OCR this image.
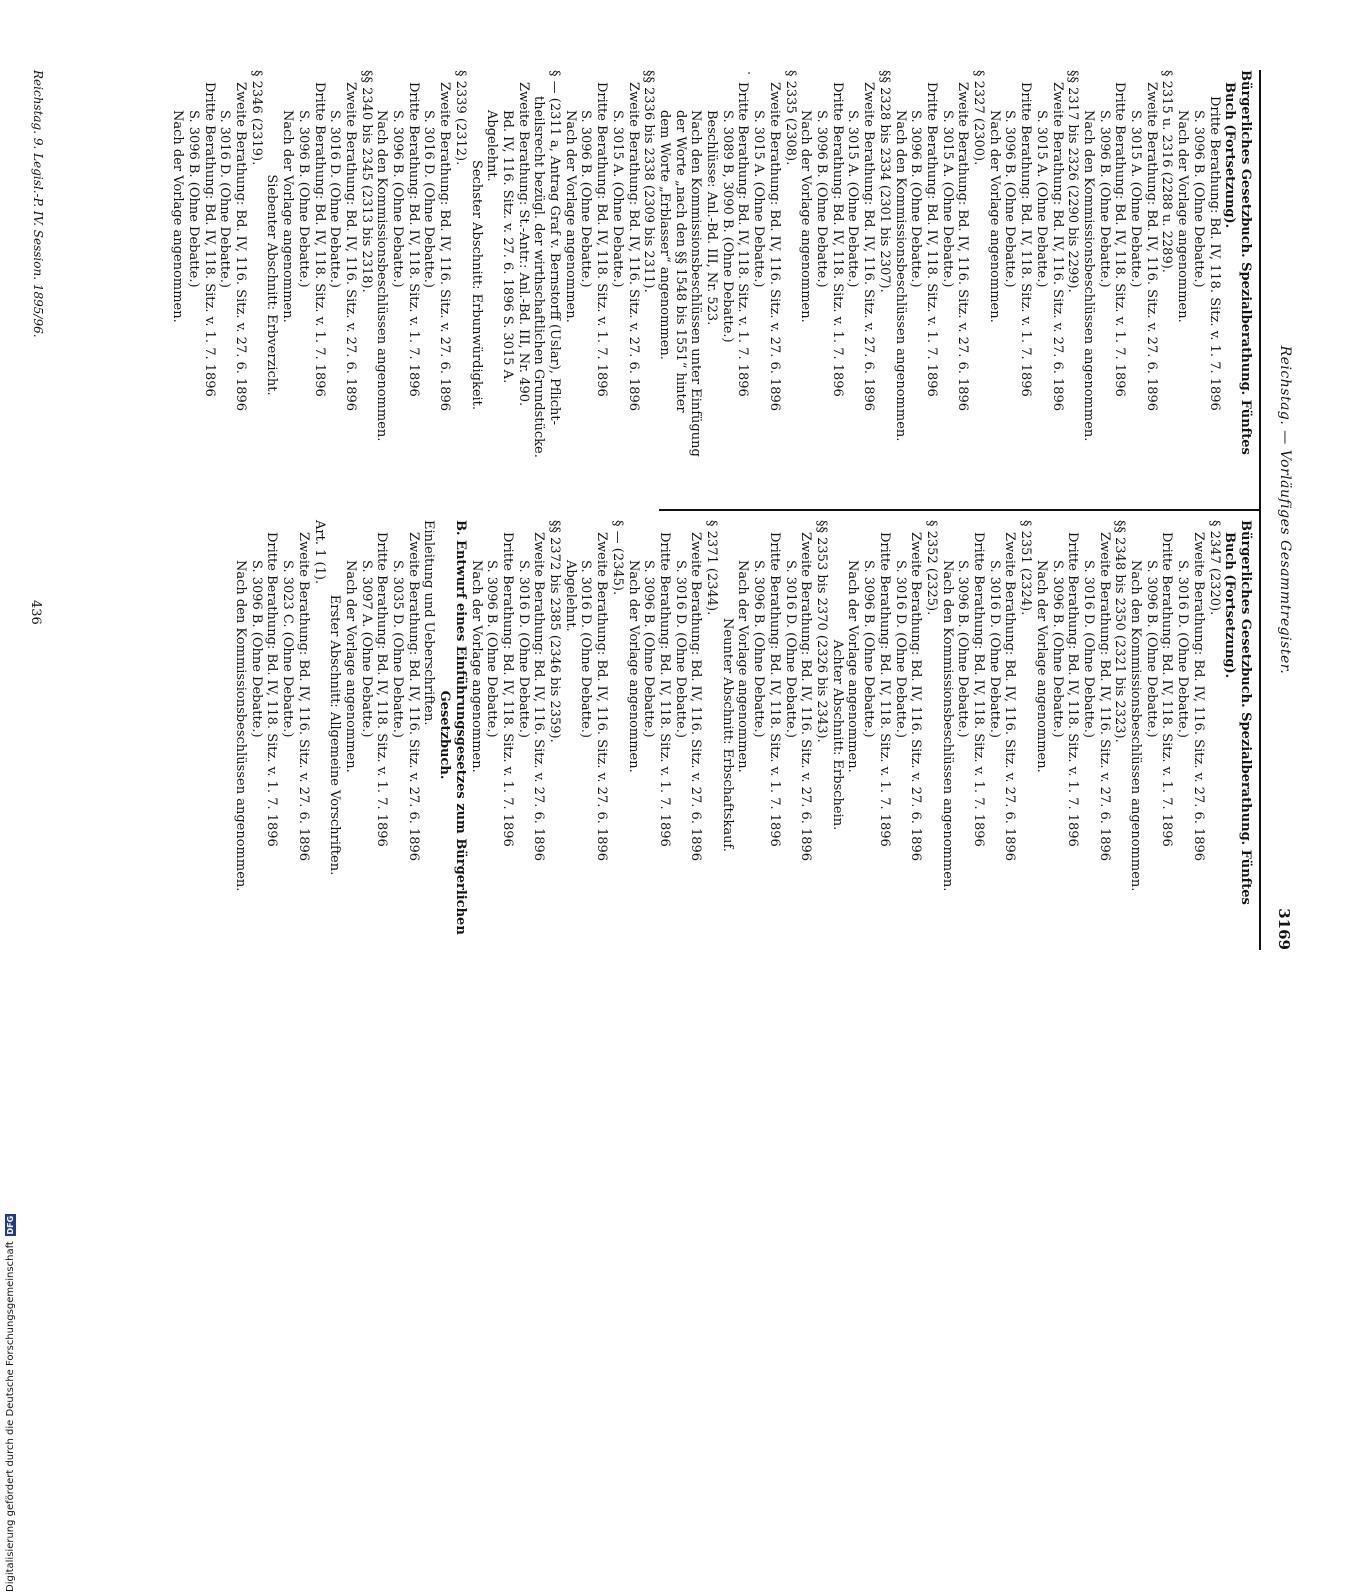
Reichstag. — Vorläufiges Gesammtregister.
3169
Bürgerliches Gesetzbuch. Spezialberathung. Fünftes
Buch (Fortsetzung).
Dritte Berathung: Bd. IV, 118. Sitz. v. 1. 7. 1896
S. 3096 B. (Ohne Debatte.)
Nach der Vorlage angenommen.
§ 2315 u. 2316 (2288 u. 2289).
Zweite Berathung: Bd. IV, 116. Sitz. v. 27. 6. 1896
S. 3015 A. (Ohne Debatte.)
Dritte Berathung: Bd. IV, 118. Sitz. v. 1. 7. 1896
S. 3096 B. (Ohne Debatte.)
Nach den Kommissionsbeschlüssen angenommen.
§§ 2317 bis 2326 (2290 bis 2299).
Zweite Berathung: Bd. IV, 116. Sitz. v. 27. 6. 1896
S. 3015 A. (Ohne Debatte.)
Dritte Berathung: Bd. IV, 118. Sitz. v. 1. 7. 1896
S. 3096 B. (Ohne Debatte.)
Nach der Vorlage angenommen.
§ 2327 (2300).
Zweite Berathung: Bd. IV, 116. Sitz. v. 27. 6. 1896
S. 3015 A. (Ohne Debatte.)
Dritte Berathung: Bd. IV, 118. Sitz. v. 1. 7. 1896
S. 3096 B. (Ohne Debatte.)
Nach den Kommissionsbeschlüssen angenommen.
§§ 2328 bis 2334 (2301 bis 2307).
Zweite Berathung: Bd. IV, 116. Sitz. v. 27. 6. 1896
S. 3015 A. (Ohne Debatte.)
Dritte Berathung: Bd. IV, 118. Sitz. v. 1. 7. 1896
S. 3096 B. (Ohne Debatte.)
Nach der Vorlage angenommen.
§ 2335 (2308).
Zweite Berathung: Bd. IV, 116. Sitz. v. 27. 6. 1896
S. 3015 A. (Ohne Debatte.)
Dritte Berathung: Bd. IV, 118. Sitz. v. 1. 7. 1896
S. 3089 B, 3090 B. (Ohne Debatte.)
Beschlüsse: Anl.-Bd. III, Nr. 523.
Nach den Kommissionsbeschlüssen unter Einfügung
der Worte „nach den §§ 1548 bis 1551“ hinter
dem Worte „Erblasser“ angenommen.
§§ 2336 bis 2338 (2309 bis 2311).
Zweite Berathung: Bd. IV, 116. Sitz. v. 27. 6. 1896
S. 3015 A. (Ohne Debatte.)
Dritte Berathung: Bd. IV, 118. Sitz. v. 1. 7. 1896
S. 3096 B. (Ohne Debatte.)
Nach der Vorlage angenommen.
§ — (2311 a, Antrag Graf v. Bernstorff (Uslar), Pflicht-
theilsrecht bezügl. der wirthschaftlichen Grundstücke.
Zweite Berathung: St.-Antr.: Anl.-Bd. III, Nr. 490.
Bd. IV, 116. Sitz. v. 27. 6. 1896 S. 3015 A.
Abgelehnt.
Sechster Abschnitt: Erbunwürdigkeit.
§ 2339 (2312).
Zweite Berathung: Bd. IV, 116. Sitz. v. 27. 6. 1896
S. 3016 D. (Ohne Debatte.)
Dritte Berathung: Bd. IV, 118. Sitz. v. 1. 7. 1896
S. 3096 B. (Ohne Debatte.)
Nach den Kommissionsbeschlüssen angenommen.
§§ 2340 bis 2345 (2313 bis 2318).
Zweite Berathung: Bd. IV, 116. Sitz. v. 27. 6. 1896
S. 3016 D. (Ohne Debatte.)
Dritte Berathung: Bd. IV, 118. Sitz. v. 1. 7. 1896
S. 3096 B. (Ohne Debatte.)
Nach der Vorlage angenommen.
Siebenter Abschnitt: Erbverzicht.
§ 2346 (2319).
Zweite Berathung: Bd. IV, 116. Sitz. v. 27. 6. 1896
S. 3016 D. (Ohne Debatte.)
Dritte Berathung: Bd. IV, 118. Sitz. v. 1. 7. 1896
S. 3096 B. (Ohne Debatte.)
Nach der Vorlage angenommen.
Bürgerliches Gesetzbuch. Spezialberathung. Fünftes
Buch (Fortsetzung).
§ 2347 (2320).
Zweite Berathung: Bd. IV, 116. Sitz. v. 27. 6. 1896
S. 3016 D. (Ohne Debatte.)
Dritte Berathung: Bd. IV, 118. Sitz. v. 1. 7. 1896
S. 3096 B. (Ohne Debatte.)
Nach den Kommissionsbeschlüssen angenommen.
§§ 2348 bis 2350 (2321 bis 2323).
Zweite Berathung: Bd. IV, 116. Sitz. v. 27. 6. 1896
S. 3016 D. (Ohne Debatte.)
Dritte Berathung: Bd. IV, 118. Sitz. v. 1. 7. 1896
S. 3096 B. (Ohne Debatte.)
Nach der Vorlage angenommen.
§ 2351 (2324).
Zweite Berathung: Bd. IV, 116. Sitz. v. 27. 6. 1896
S. 3016 D. (Ohne Debatte.)
Dritte Berathung: Bd. IV, 118. Sitz. v. 1. 7. 1896
S. 3096 B. (Ohne Debatte.)
Nach den Kommissionsbeschlüssen angenommen.
§ 2352 (2325).
Zweite Berathung: Bd. IV, 116. Sitz. v. 27. 6. 1896
S. 3016 D. (Ohne Debatte.)
Dritte Berathung: Bd. IV, 118. Sitz. v. 1. 7. 1896
S. 3096 B. (Ohne Debatte.)
Nach der Vorlage angenommen.
Achter Abschnitt: Erbschein.
§§ 2353 bis 2370 (2326 bis 2343).
Zweite Berathung: Bd. IV, 116. Sitz. v. 27. 6. 1896
S. 3016 D. (Ohne Debatte.)
Dritte Berathung: Bd. IV, 118. Sitz. v. 1. 7. 1896
S. 3096 B. (Ohne Debatte.)
Nach der Vorlage angenommen.
Neunter Abschnitt: Erbschaftskauf.
§ 2371 (2344).
Zweite Berathung: Bd. IV, 116. Sitz. v. 27. 6. 1896
S. 3016 D. (Ohne Debatte.)
Dritte Berathung: Bd. IV, 118. Sitz. v. 1. 7. 1896
S. 3096 B. (Ohne Debatte.)
Nach der Vorlage angenommen.
§ — (2345).
Zweite Berathung: Bd. IV, 116. Sitz. v. 27. 6. 1896
S. 3016 D. (Ohne Debatte.)
Abgelehnt.
§§ 2372 bis 2385 (2346 bis 2359).
Zweite Berathung: Bd. IV, 116. Sitz. v. 27. 6. 1896
S. 3016 D. (Ohne Debatte.)
Dritte Berathung: Bd. IV, 118. Sitz. v. 1. 7. 1896
S. 3096 B. (Ohne Debatte.)
Nach der Vorlage angenommen.
B. Entwurf eines Einführungsgesetzes zum Bürgerlichen
Gesetzbuch.
Einleitung und Ueberschriften.
Zweite Berathung: Bd. IV, 116. Sitz. v. 27. 6. 1896
S. 3035 D. (Ohne Debatte.)
Dritte Berathung: Bd. IV, 118. Sitz. v. 1. 7. 1896
S. 3097 A. (Ohne Debatte.)
Nach der Vorlage angenommen.
Erster Abschnitt: Allgemeine Vorschriften.
Art. 1 (1).
Zweite Berathung: Bd. IV, 116. Sitz. v. 27. 6. 1896
S. 3023 C. (Ohne Debatte.)
Dritte Berathung: Bd. IV, 118. Sitz. v. 1. 7. 1896
S. 3096 B. (Ohne Debatte.)
Nach den Kommissionsbeschlüssen angenommen.
Reichstag. 9. Legisl.-P. IV. Session. 1895/96.
436
Digitalisierung gefördert durch die Deutsche Forschungsgemeinschaft
DFG
